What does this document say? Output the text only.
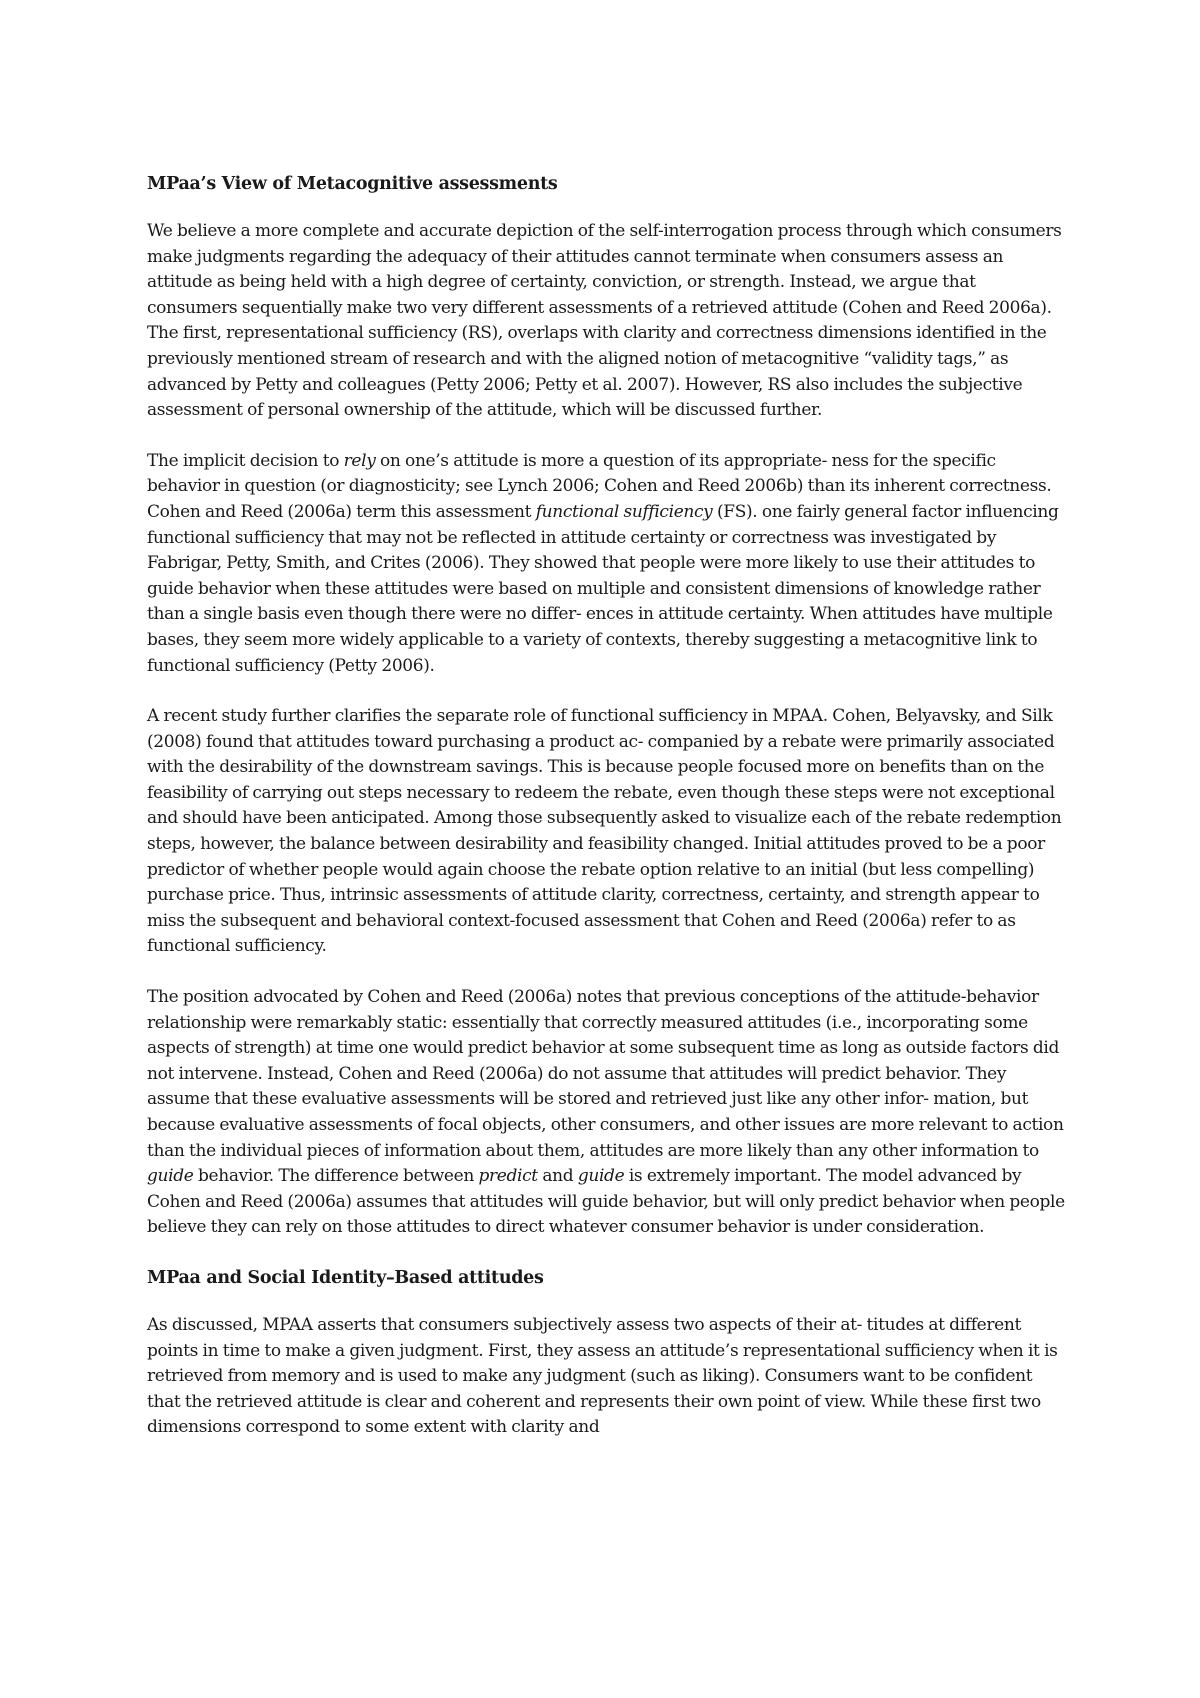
MPaa’s View of Metacognitive assessments

We believe a more complete and accurate depiction of the self-interrogation process through which consumers make judgments regarding the adequacy of their attitudes cannot terminate when consumers assess an attitude as being held with a high degree of certainty, conviction, or strength. Instead, we argue that consumers sequentially make two very different assessments of a retrieved attitude (Cohen and Reed 2006a). The first, representational sufficiency (RS), overlaps with clarity and correctness dimensions identified in the previously mentioned stream of research and with the aligned notion of metacognitive “validity tags,” as advanced by Petty and colleagues (Petty 2006; Petty et al. 2007). However, RS also includes the subjective assessment of personal ownership of the attitude, which will be discussed further.

The implicit decision to rely on one’s attitude is more a question of its appropriate- ness for the specific behavior in question (or diagnosticity; see Lynch 2006; Cohen and Reed 2006b) than its inherent correctness. Cohen and Reed (2006a) term this assessment functional sufficiency (FS). one fairly general factor influencing functional sufficiency that may not be reflected in attitude certainty or correctness was investigated by Fabrigar, Petty, Smith, and Crites (2006). They showed that people were more likely to use their attitudes to guide behavior when these attitudes were based on multiple and consistent dimensions of knowledge rather than a single basis even though there were no differ- ences in attitude certainty. When attitudes have multiple bases, they seem more widely applicable to a variety of contexts, thereby suggesting a metacognitive link to functional sufficiency (Petty 2006).

A recent study further clarifies the separate role of functional sufficiency in MPAA. Cohen, Belyavsky, and Silk (2008) found that attitudes toward purchasing a product ac- companied by a rebate were primarily associated with the desirability of the downstream savings. This is because people focused more on benefits than on the feasibility of carrying out steps necessary to redeem the rebate, even though these steps were not exceptional and should have been anticipated. Among those subsequently asked to visualize each of the rebate redemption steps, however, the balance between desirability and feasibility changed. Initial attitudes proved to be a poor predictor of whether people would again choose the rebate option relative to an initial (but less compelling) purchase price. Thus, intrinsic assessments of attitude clarity, correctness, certainty, and strength appear to miss the subsequent and behavioral context-focused assessment that Cohen and Reed (2006a) refer to as functional sufficiency.

The position advocated by Cohen and Reed (2006a) notes that previous conceptions of the attitude-behavior relationship were remarkably static: essentially that correctly measured attitudes (i.e., incorporating some aspects of strength) at time one would predict behavior at some subsequent time as long as outside factors did not intervene. Instead, Cohen and Reed (2006a) do not assume that attitudes will predict behavior. They assume that these evaluative assessments will be stored and retrieved just like any other infor- mation, but because evaluative assessments of focal objects, other consumers, and other issues are more relevant to action than the individual pieces of information about them, attitudes are more likely than any other information to guide behavior. The difference between predict and guide is extremely important. The model advanced by Cohen and Reed (2006a) assumes that attitudes will guide behavior, but will only predict behavior when people believe they can rely on those attitudes to direct whatever consumer behavior is under consideration.

MPaa and Social Identity–Based attitudes

As discussed, MPAA asserts that consumers subjectively assess two aspects of their at- titudes at different points in time to make a given judgment. First, they assess an attitude’s representational sufficiency when it is retrieved from memory and is used to make any judgment (such as liking). Consumers want to be confident that the retrieved attitude is clear and coherent and represents their own point of view. While these first two dimensions correspond to some extent with clarity and
